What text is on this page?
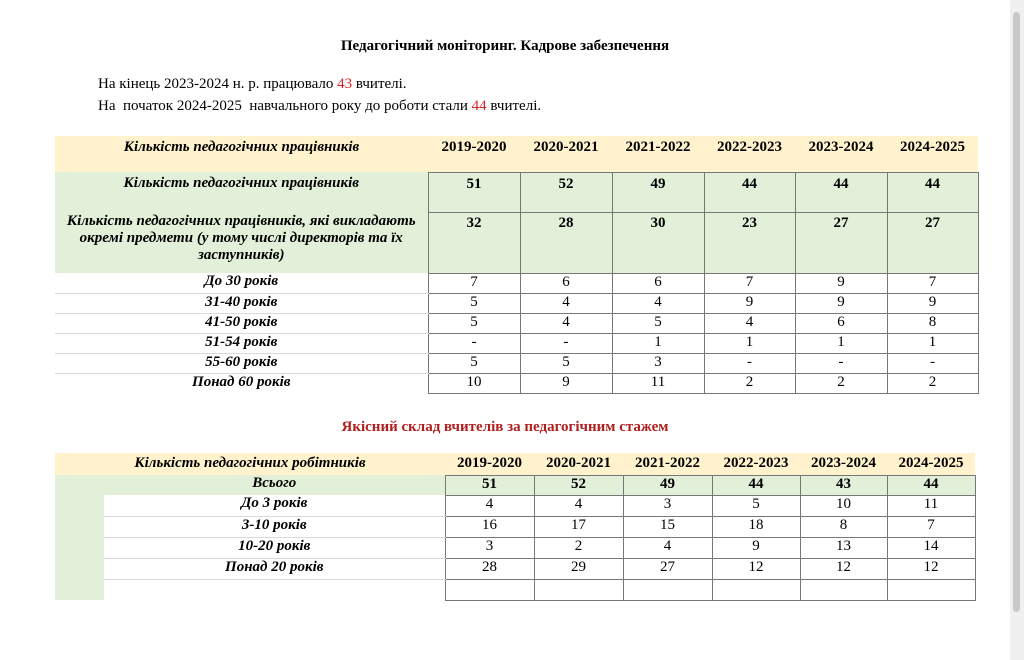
Педагогічний моніторинг. Кадрове забезпечення
На кінець 2023-2024 н. р. працювало 43 вчителі.
На  початок 2024-2025  навчального року до роботи стали 44 вчителі.
Кількість педагогічних працівників	2019-2020	2020-2021	2021-2022	2022-2023	2023-2024	2024-2025
Кількість педагогічних працівників	51	52	49	44	44	44
Кількість педагогічних працівників, які викладають окремі предмети (у тому числі директорів та їх заступників)	32	28	30	23	27	27
До 30 років	7	6	6	7	9	7
31-40 років	5	4	4	9	9	9
41-50 років	5	4	5	4	6	8
51-54 років	-	-	1	1	1	1
55-60 років	5	5	3	-	-	-
Понад 60 років	10	9	11	2	2	2
Якісний склад вчителів за педагогічним стажем
Кількість педагогічних робітників		2019-2020	2020-2021	2021-2022	2022-2023	2023-2024	2024-2025
	Всього	51	52	49	44	43	44
	До 3 років	4	4	3	5	10	11
	3-10 років	16	17	15	18	8	7
	10-20 років	3	2	4	9	13	14
	Понад 20 років	28	29	27	12	12	12
